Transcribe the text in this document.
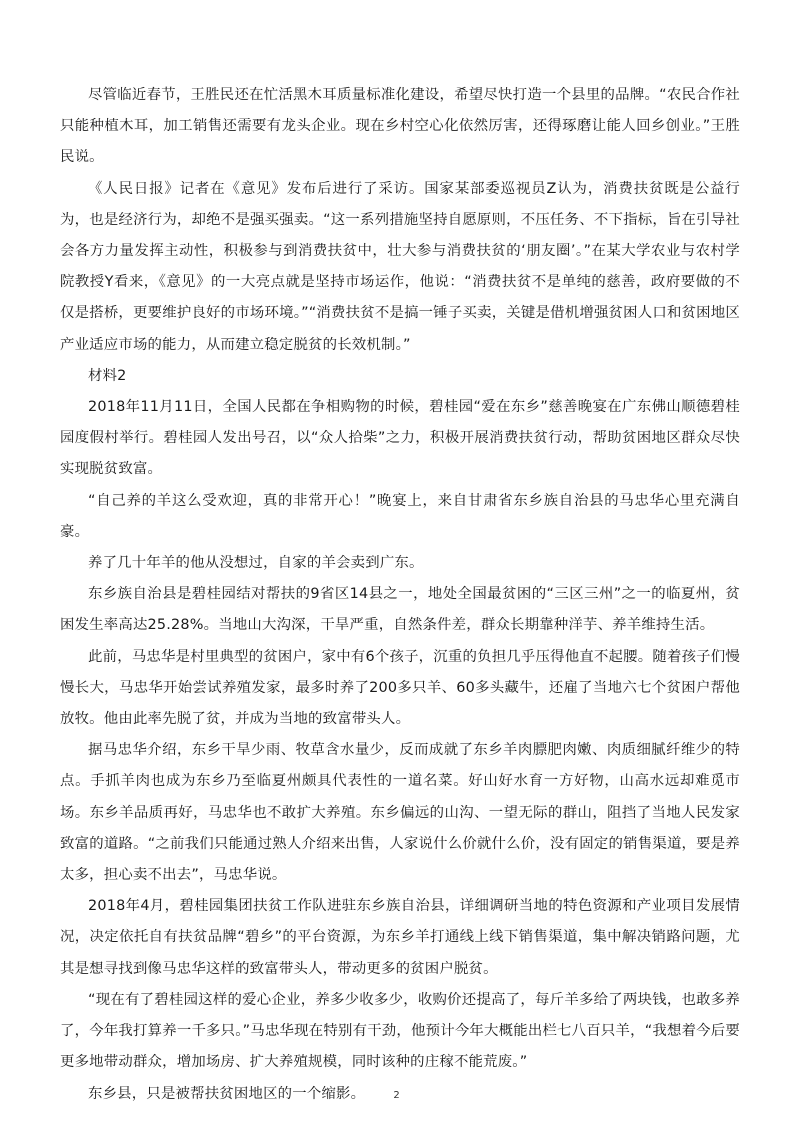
尽管临近春节，王胜民还在忙活黑木耳质量标准化建设，希望尽快打造一个县里的品牌。“农民合作社只能种植木耳，加工销售还需要有龙头企业。现在乡村空心化依然厉害，还得琢磨让能人回乡创业。”王胜民说。

《人民日报》记者在《意见》发布后进行了采访。国家某部委巡视员Z认为，消费扶贫既是公益行为，也是经济行为，却绝不是强买强卖。“这一系列措施坚持自愿原则，不压任务、不下指标，旨在引导社会各方力量发挥主动性，积极参与到消费扶贫中，壮大参与消费扶贫的‘朋友圈’。”在某大学农业与农村学院教授Y看来，《意见》的一大亮点就是坚持市场运作，他说：“消费扶贫不是单纯的慈善，政府要做的不仅是搭桥，更要维护良好的市场环境。”“消费扶贫不是搞一锤子买卖，关键是借机增强贫困人口和贫困地区产业适应市场的能力，从而建立稳定脱贫的长效机制。”

材料2

2018年11月11日，全国人民都在争相购物的时候，碧桂园“爱在东乡”慈善晚宴在广东佛山顺德碧桂园度假村举行。碧桂园人发出号召，以“众人拾柴”之力，积极开展消费扶贫行动，帮助贫困地区群众尽快实现脱贫致富。

“自己养的羊这么受欢迎，真的非常开心！”晚宴上，来自甘肃省东乡族自治县的马忠华心里充满自豪。

养了几十年羊的他从没想过，自家的羊会卖到广东。

东乡族自治县是碧桂园结对帮扶的9省区14县之一，地处全国最贫困的“三区三州”之一的临夏州，贫困发生率高达25.28%。当地山大沟深，干旱严重，自然条件差，群众长期靠种洋芋、养羊维持生活。

此前，马忠华是村里典型的贫困户，家中有6个孩子，沉重的负担几乎压得他直不起腰。随着孩子们慢慢长大，马忠华开始尝试养殖发家，最多时养了200多只羊、60多头藏牛，还雇了当地六七个贫困户帮他放牧。他由此率先脱了贫，并成为当地的致富带头人。

据马忠华介绍，东乡干旱少雨、牧草含水量少，反而成就了东乡羊肉膘肥肉嫩、肉质细腻纤维少的特点。手抓羊肉也成为东乡乃至临夏州颇具代表性的一道名菜。好山好水育一方好物，山高水远却难觅市场。东乡羊品质再好，马忠华也不敢扩大养殖。东乡偏远的山沟、一望无际的群山，阻挡了当地人民发家致富的道路。“之前我们只能通过熟人介绍来出售，人家说什么价就什么价，没有固定的销售渠道，要是养太多，担心卖不出去”，马忠华说。

2018年4月，碧桂园集团扶贫工作队进驻东乡族自治县，详细调研当地的特色资源和产业项目发展情况，决定依托自有扶贫品牌“碧乡”的平台资源，为东乡羊打通线上线下销售渠道，集中解决销路问题，尤其是想寻找到像马忠华这样的致富带头人，带动更多的贫困户脱贫。

“现在有了碧桂园这样的爱心企业，养多少收多少，收购价还提高了，每斤羊多给了两块钱，也敢多养了，今年我打算养一千多只。”马忠华现在特别有干劲，他预计今年大概能出栏七八百只羊，“我想着今后要更多地带动群众，增加场房、扩大养殖规模，同时该种的庄稼不能荒废。”

东乡县，只是被帮扶贫困地区的一个缩影。	2
